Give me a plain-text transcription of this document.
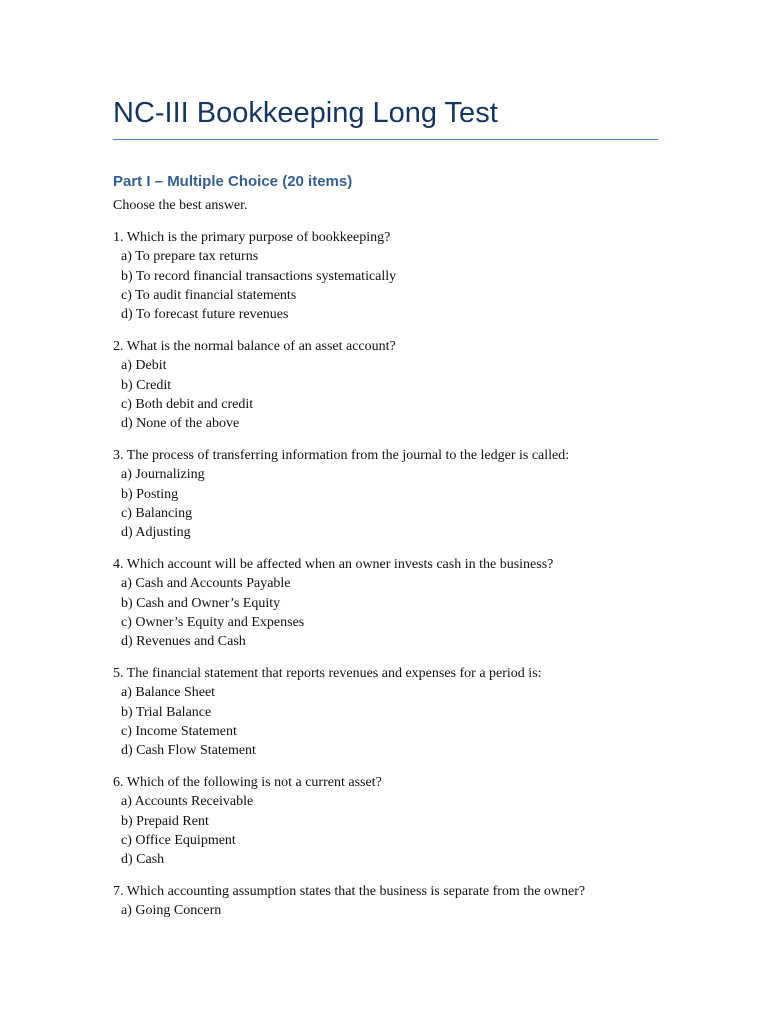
NC-III Bookkeeping Long Test
Part I – Multiple Choice (20 items)
Choose the best answer.
1. Which is the primary purpose of bookkeeping?
a) To prepare tax returns
b) To record financial transactions systematically
c) To audit financial statements
d) To forecast future revenues
2. What is the normal balance of an asset account?
a) Debit
b) Credit
c) Both debit and credit
d) None of the above
3. The process of transferring information from the journal to the ledger is called:
a) Journalizing
b) Posting
c) Balancing
d) Adjusting
4. Which account will be affected when an owner invests cash in the business?
a) Cash and Accounts Payable
b) Cash and Owner’s Equity
c) Owner’s Equity and Expenses
d) Revenues and Cash
5. The financial statement that reports revenues and expenses for a period is:
a) Balance Sheet
b) Trial Balance
c) Income Statement
d) Cash Flow Statement
6. Which of the following is not a current asset?
a) Accounts Receivable
b) Prepaid Rent
c) Office Equipment
d) Cash
7. Which accounting assumption states that the business is separate from the owner?
a) Going Concern
